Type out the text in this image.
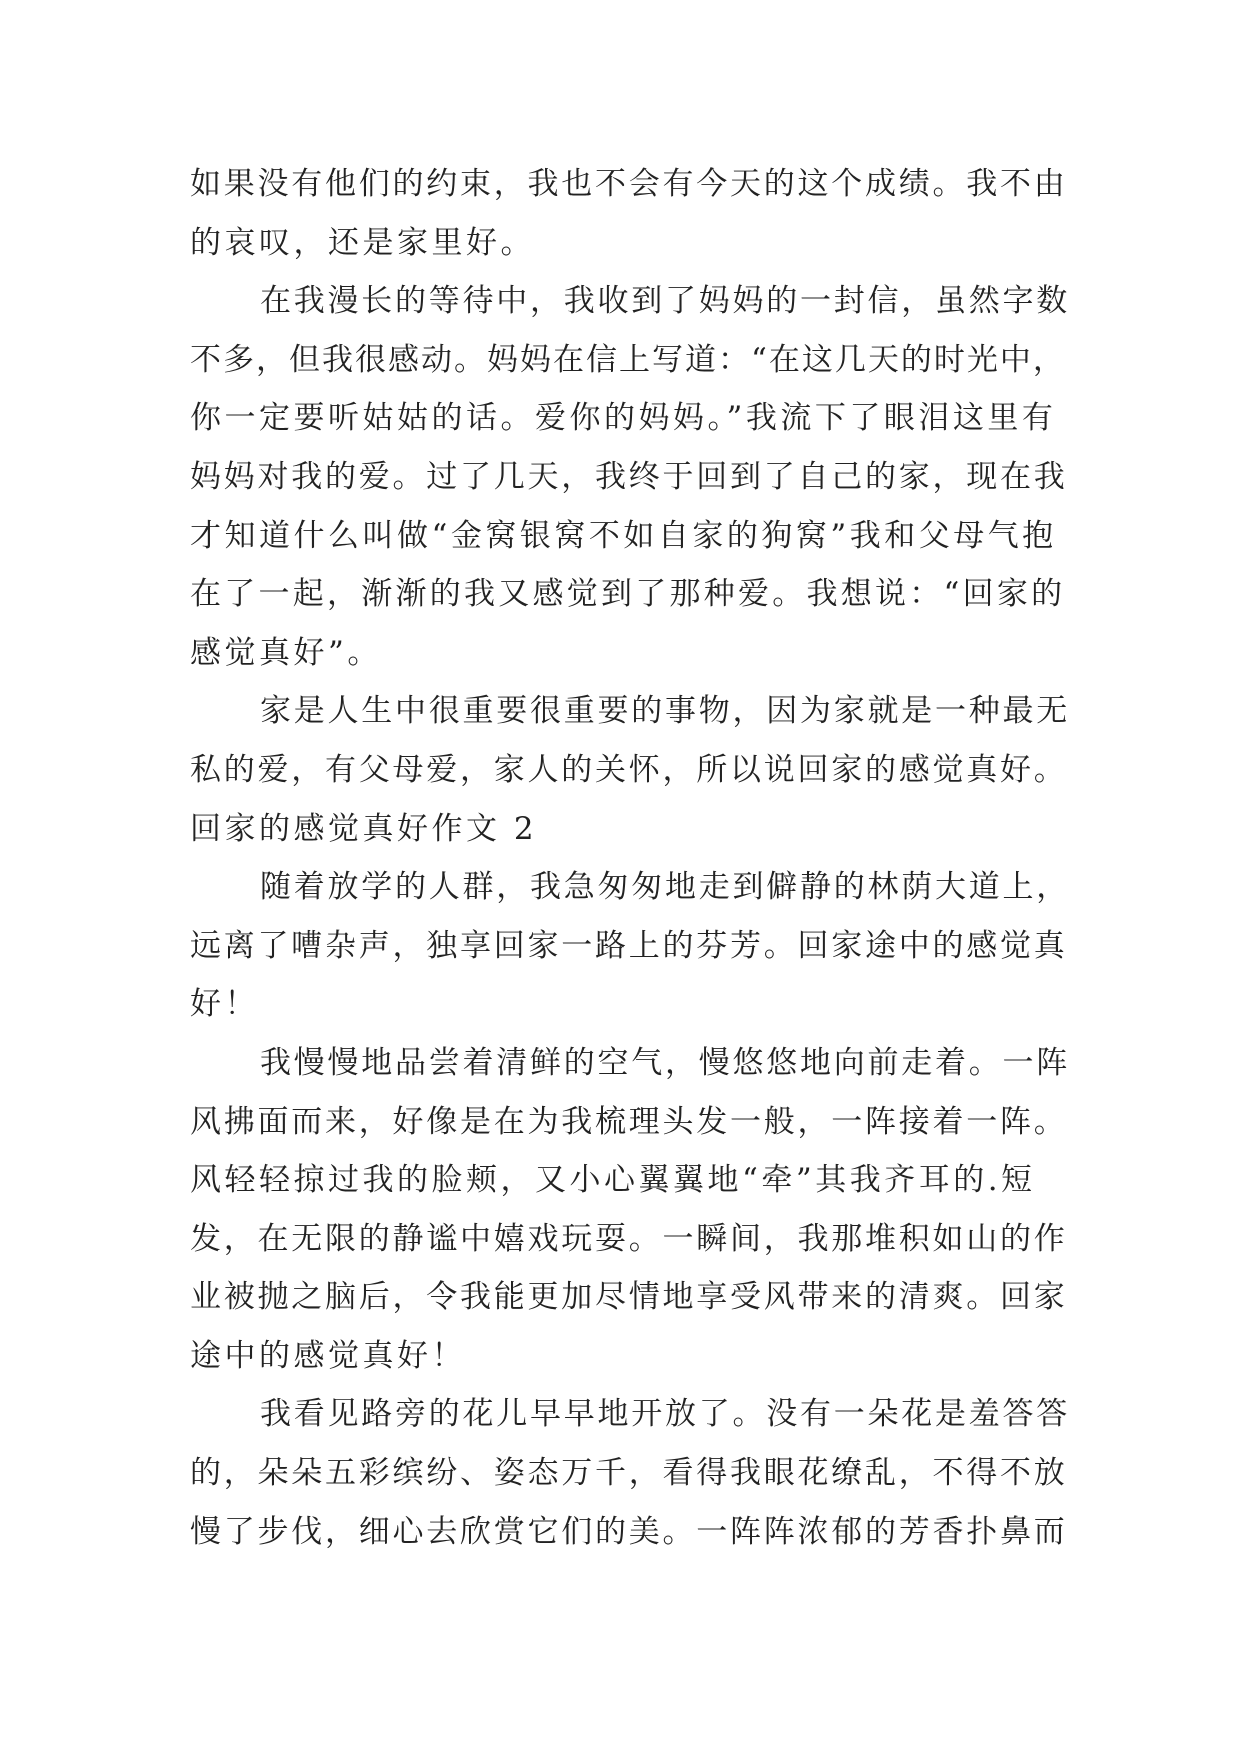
如果没有他们的约束，我也不会有今天的这个成绩。我不由
的哀叹，还是家里好。
在我漫长的等待中，我收到了妈妈的一封信，虽然字数
不多，但我很感动。妈妈在信上写道：“在这几天的时光中，
你一定要听姑姑的话。爱你的妈妈。”我流下了眼泪这里有
妈妈对我的爱。过了几天，我终于回到了自己的家，现在我
才知道什么叫做“金窝银窝不如自家的狗窝”我和父母气抱
在了一起，渐渐的我又感觉到了那种爱。我想说：“回家的
感觉真好”。
家是人生中很重要很重要的事物，因为家就是一种最无
私的爱，有父母爱，家人的关怀，所以说回家的感觉真好。
回家的感觉真好作文 2
随着放学的人群，我急匆匆地走到僻静的林荫大道上，
远离了嘈杂声，独享回家一路上的芬芳。回家途中的感觉真
好！
我慢慢地品尝着清鲜的空气，慢悠悠地向前走着。一阵
风拂面而来，好像是在为我梳理头发一般，一阵接着一阵。
风轻轻掠过我的脸颊，又小心翼翼地“牵”其我齐耳的.短
发，在无限的静谧中嬉戏玩耍。一瞬间，我那堆积如山的作
业被抛之脑后，令我能更加尽情地享受风带来的清爽。回家
途中的感觉真好！
我看见路旁的花儿早早地开放了。没有一朵花是羞答答
的，朵朵五彩缤纷、姿态万千，看得我眼花缭乱，不得不放
慢了步伐，细心去欣赏它们的美。一阵阵浓郁的芳香扑鼻而
